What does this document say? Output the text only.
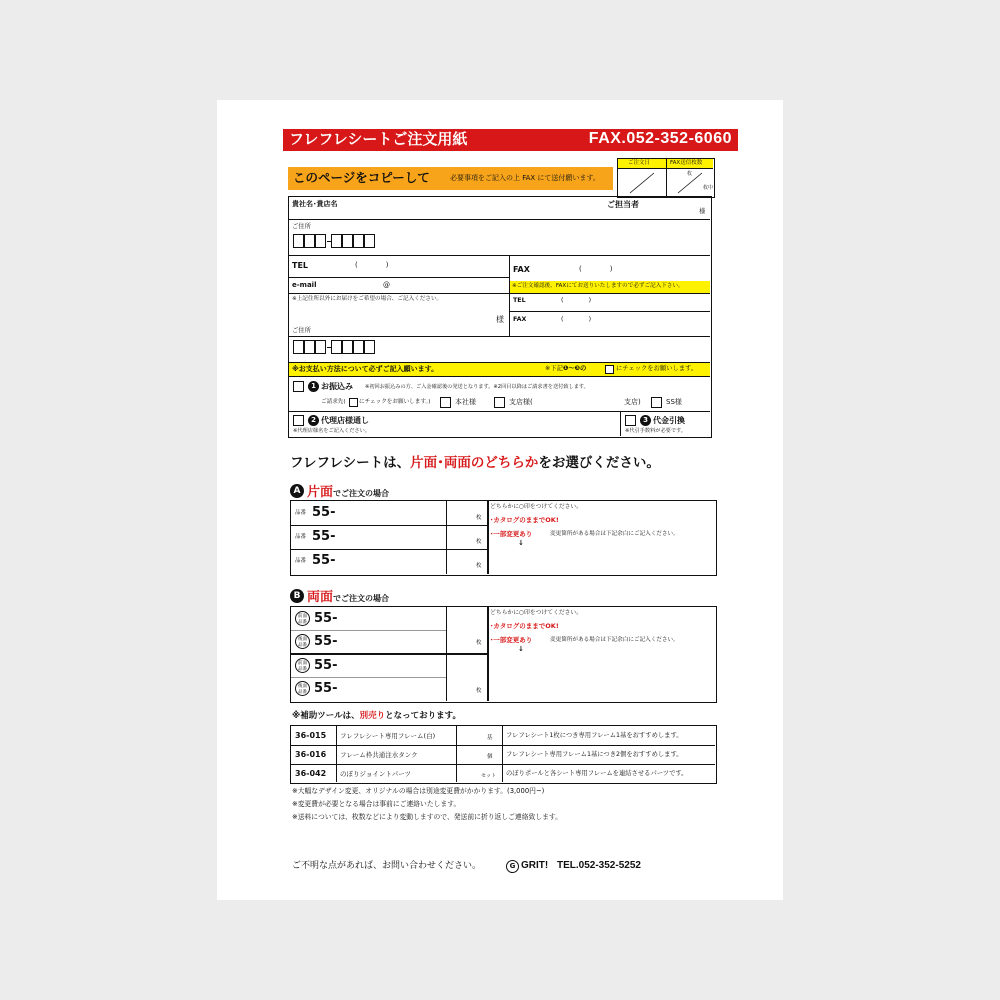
フレフレシートご注文用紙	FAX.052-352-6060
このページをコピーして	必要事項をご記入の上 FAX にて送付願います。
ご注文日	FAX送信枚数
枚
枚中
貴社名･貴店名	ご担当者
様
ご住所
TEL	(　　　　)	FAX	(　　　　)
e-mail	@	※ご注文確認後、FAXにてお送りいたしますので必ずご記入下さい。
※上記住所以外にお届けをご希望の場合、ご記入ください。
様
TEL	(　　　　)
FAX	(　　　　)
ご住所
※お支払い方法について必ずご記入願います。	※下記 ❶～❸の	にチェックをお願いします。
1 お振込み ※初回お振込みの方、ご入金確認後の発送となります。※2回目以降はご請求書を送付致します。
ご請求先( にチェックをお願いします。)	本社様	支店様(	支店)	SS様
2 代理店様通し
※代理店様名をご記入ください。
3 代金引換
※代引手数料が必要です。
フレフレシートは、片面･両面のどちらかをお選びください。
A 片面でご注文の場合
品番 55-	枚
品番 55-	枚
品番 55-	枚
どちらかに○印をつけてください。
･カタログのままでOK!
･一部変更あり	変更箇所がある場合は下記余白にご記入ください。
↓
B 両面でご注文の場合
前面
品番 55-
後面
品番 55-
前面
品番 55-
後面
品番 55-
枚
枚
どちらかに○印をつけてください。
･カタログのままでOK!
･一部変更あり	変更箇所がある場合は下記余白にご記入ください。
↓
※補助ツールは、別売りとなっております。
36-015 フレフレシート専用フレーム(白)	基 フレフレシート1枚につき専用フレーム1基をおすすめします。
36-016 フレーム枠共通注水タンク	個 フレフレシート専用フレーム1基につき2個をおすすめします。
36-042 のぼりジョイントパーツ	セット のぼりポールと各シート専用フレームを連結させるパーツです。
※大幅なデザイン変更、オリジナルの場合は別途変更費がかかります。(3,000円~)
※変更費が必要となる場合は事前にご連絡いたします。
※送料については、枚数などにより変動しますので、発送前に折り返しご連絡致します。
ご不明な点があれば、お問い合わせください。	G GRIT! TEL.052-352-5252
